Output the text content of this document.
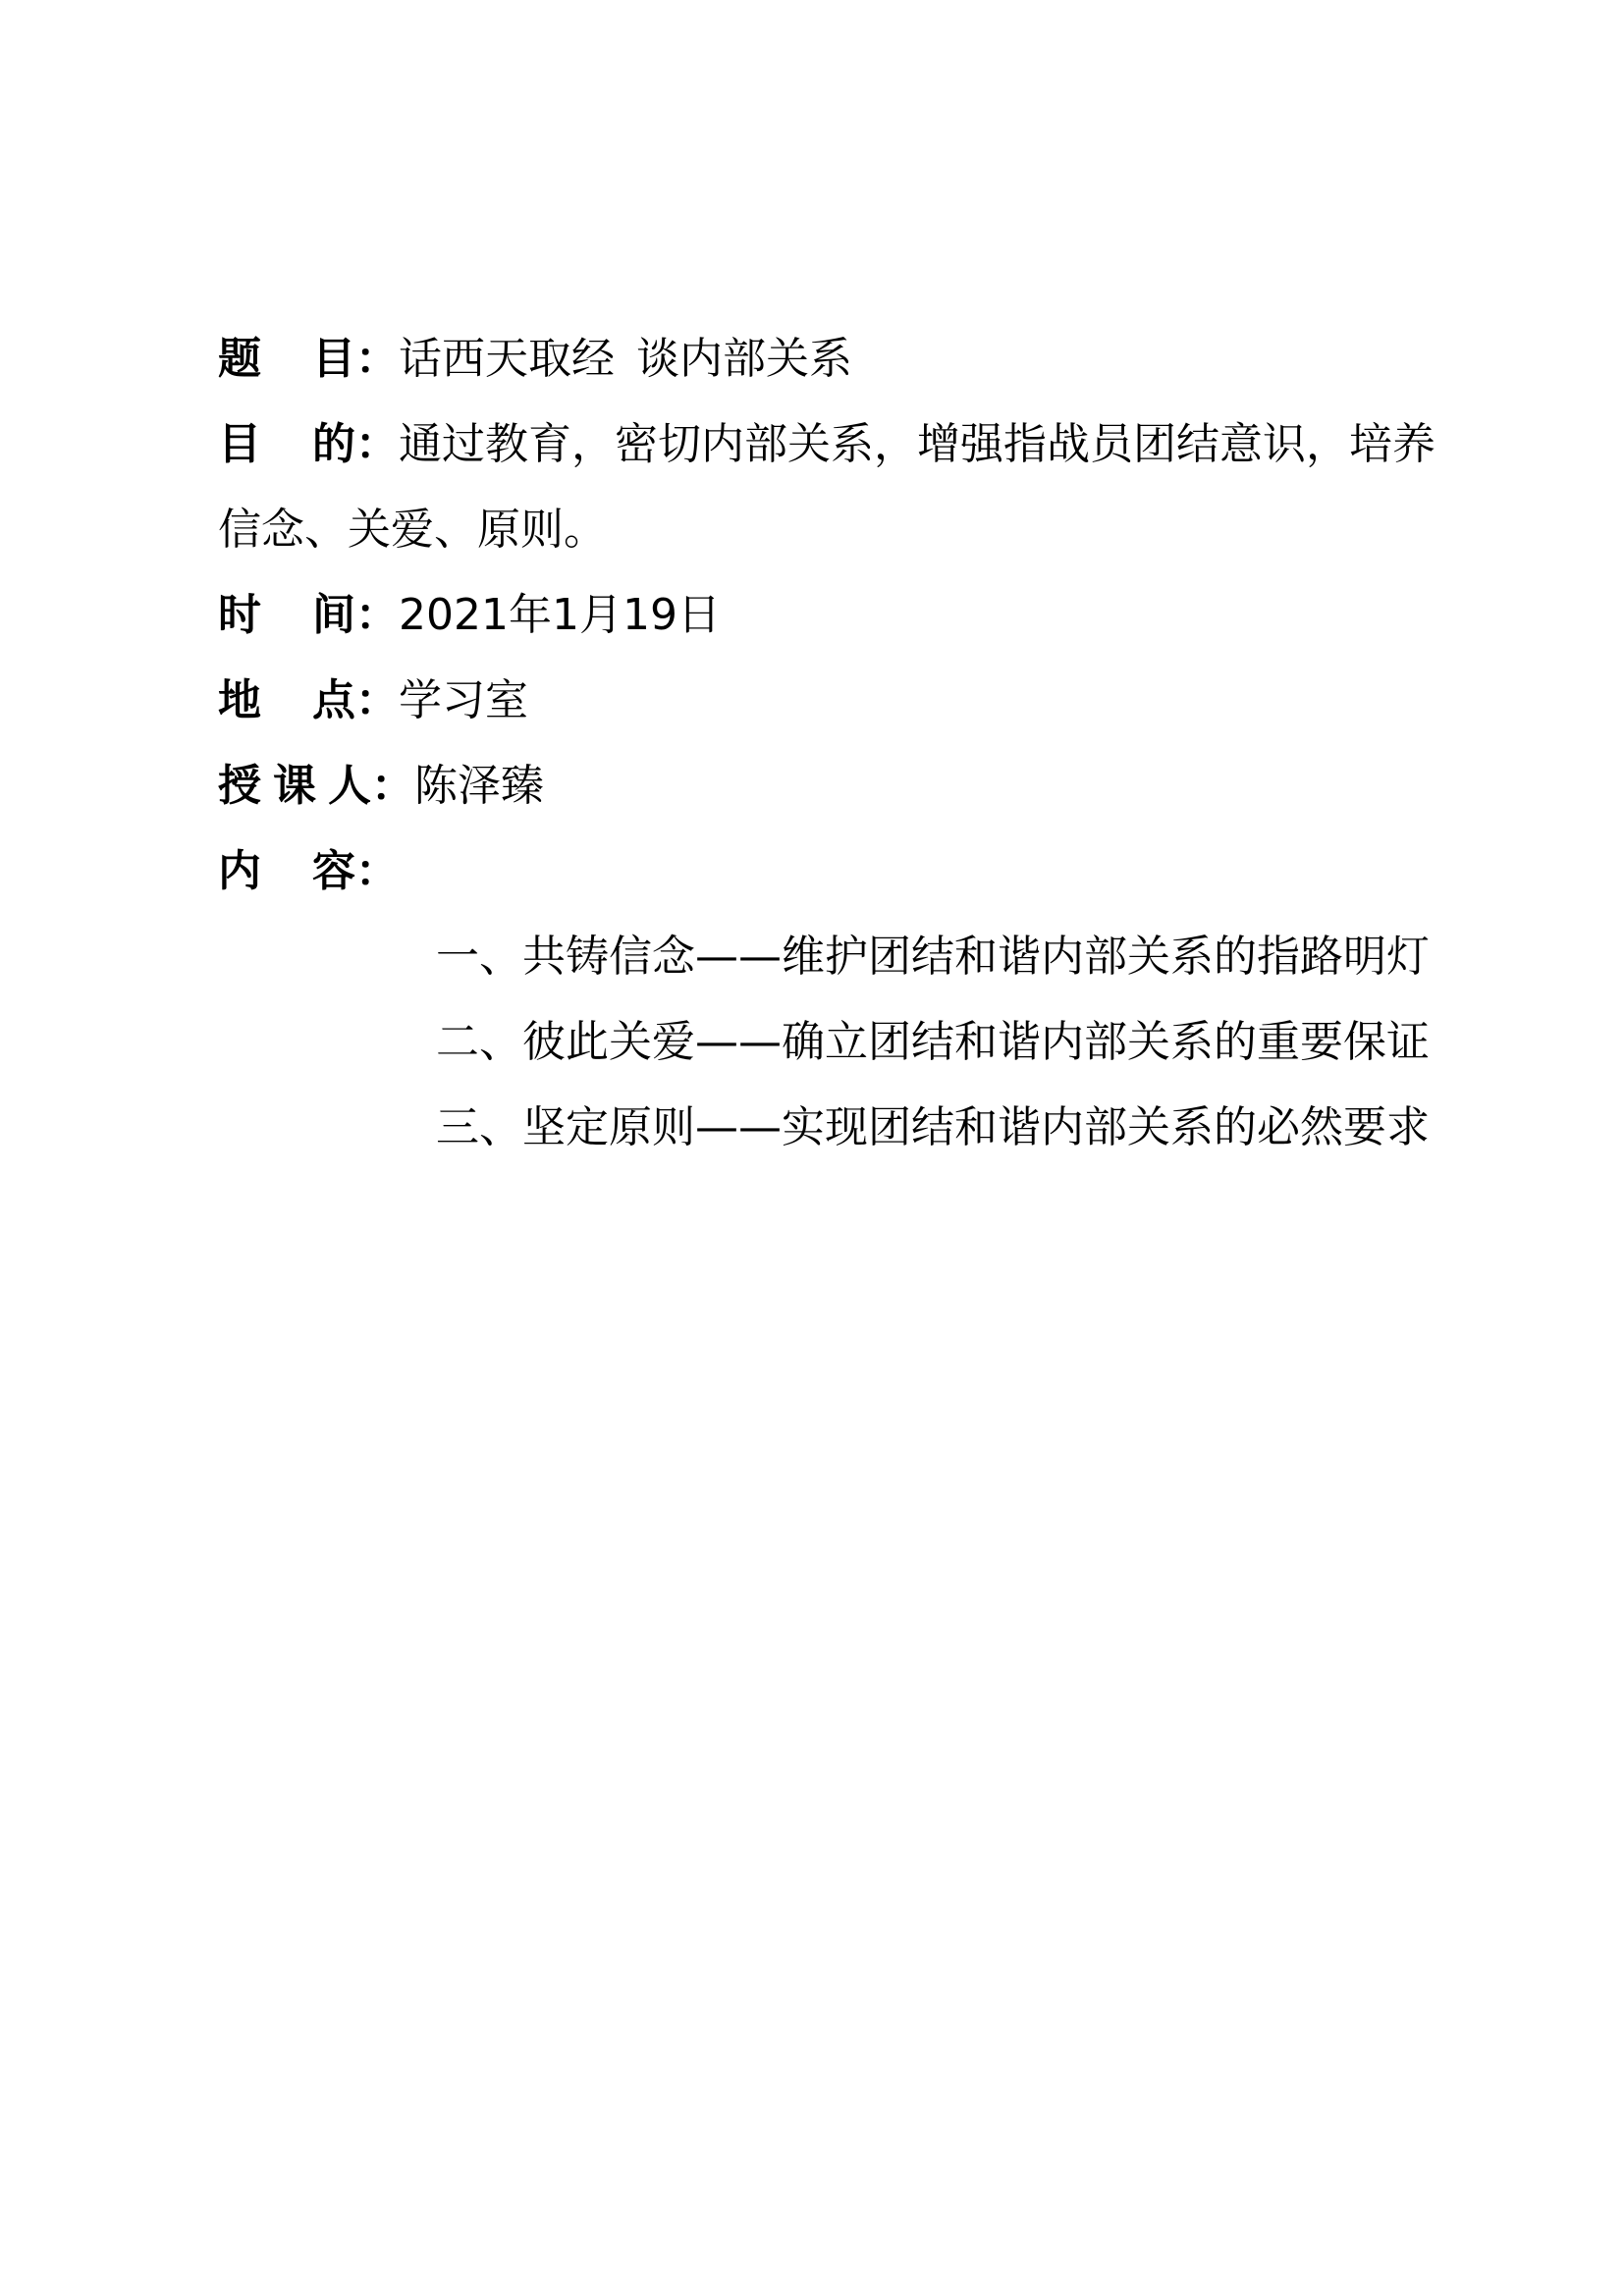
题 目：话西天取经 谈内部关系
目 的：通过教育，密切内部关系，增强指战员团结意识，培养信念、关爱、原则。
时 间：2021年1月19日
地 点：学习室
授 课 人：陈泽臻
内 容：
一、共铸信念——维护团结和谐内部关系的指路明灯
二、彼此关爱——确立团结和谐内部关系的重要保证
三、坚定原则——实现团结和谐内部关系的必然要求
